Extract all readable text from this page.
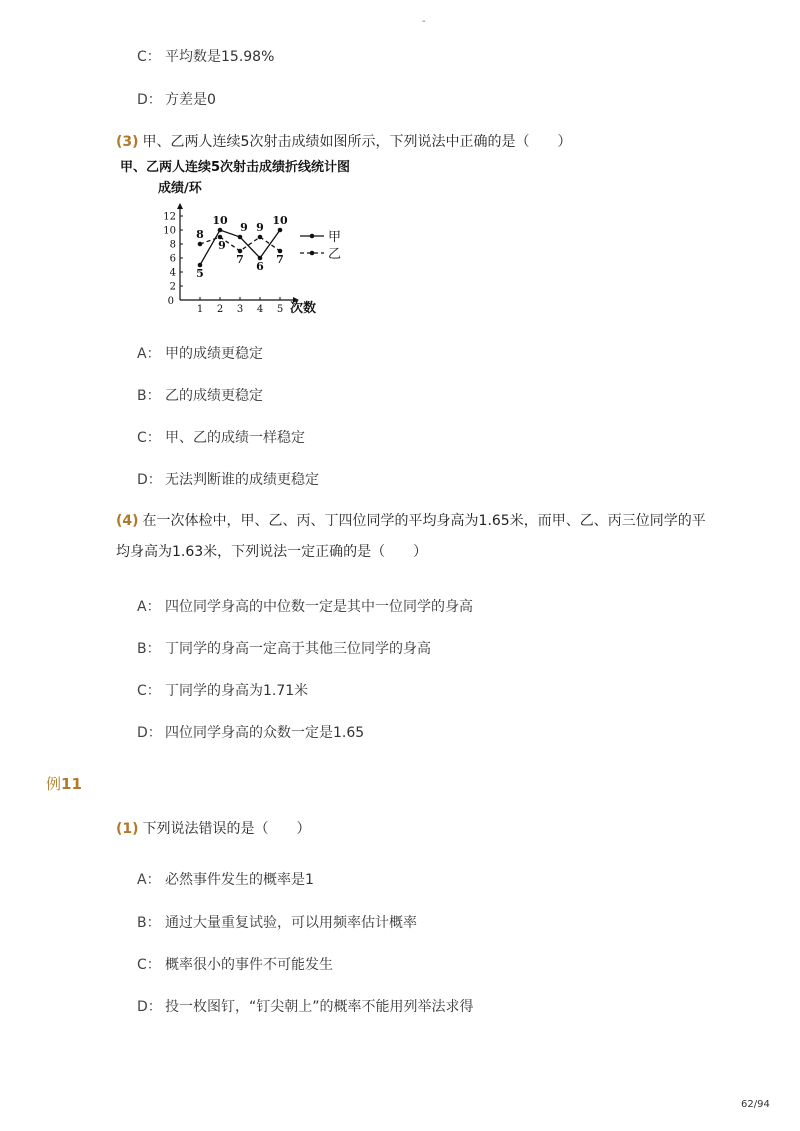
-
C： 平均数是15.98%
D： 方差是0
(3) 甲、乙两人连续5次射击成绩如图所示，下列说法中正确的是（　　）
甲、乙两人连续5次射击成绩折线统计图
成绩/环
次数
0
2
4
6
8
10
12
1 2 3 4 5
5
10
9
6
10
8
9
7
9
7
甲
乙
A： 甲的成绩更稳定
B： 乙的成绩更稳定
C： 甲、乙的成绩一样稳定
D： 无法判断谁的成绩更稳定
(4) 在一次体检中，甲、乙、丙、丁四位同学的平均身高为1.65米，而甲、乙、丙三位同学的平均身高为1.63米，下列说法一定正确的是（　　）
A： 四位同学身高的中位数一定是其中一位同学的身高
B： 丁同学的身高一定高于其他三位同学的身高
C： 丁同学的身高为1.71米
D： 四位同学身高的众数一定是1.65
例11
(1) 下列说法错误的是（　　）
A： 必然事件发生的概率是1
B： 通过大量重复试验，可以用频率估计概率
C： 概率很小的事件不可能发生
D： 投一枚图钉，“钉尖朝上”的概率不能用列举法求得
62/94
